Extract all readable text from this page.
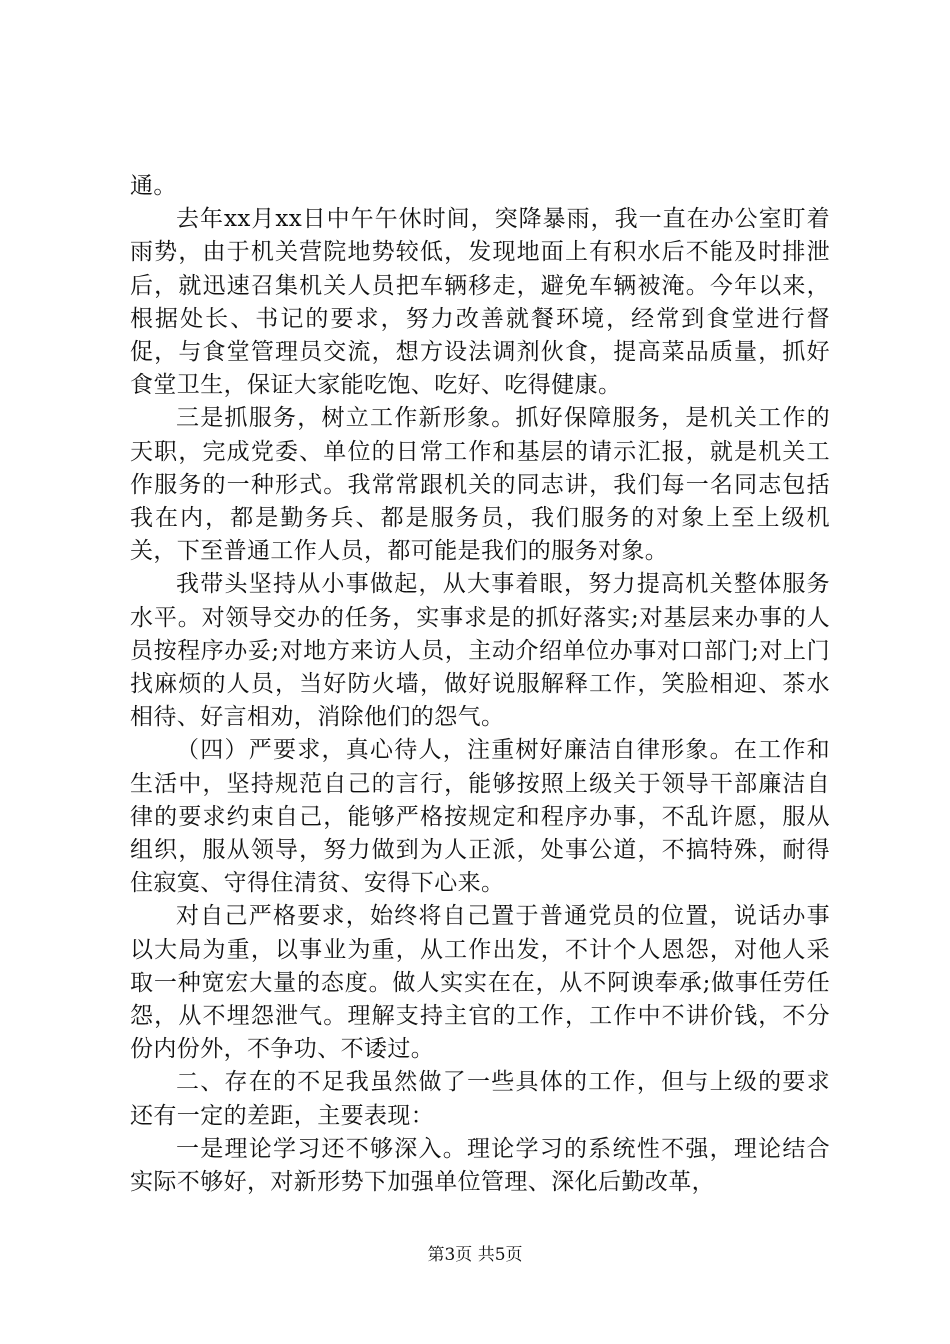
通。

去年xx月xx日中午午休时间，突降暴雨，我一直在办公室盯着雨势，由于机关营院地势较低，发现地面上有积水后不能及时排泄后，就迅速召集机关人员把车辆移走，避免车辆被淹。今年以来，根据处长、书记的要求，努力改善就餐环境，经常到食堂进行督促，与食堂管理员交流，想方设法调剂伙食，提高菜品质量，抓好食堂卫生，保证大家能吃饱、吃好、吃得健康。

三是抓服务，树立工作新形象。抓好保障服务，是机关工作的天职，完成党委、单位的日常工作和基层的请示汇报，就是机关工作服务的一种形式。我常常跟机关的同志讲，我们每一名同志包括我在内，都是勤务兵、都是服务员，我们服务的对象上至上级机关，下至普通工作人员，都可能是我们的服务对象。

我带头坚持从小事做起，从大事着眼，努力提高机关整体服务水平。对领导交办的任务，实事求是的抓好落实;对基层来办事的人员按程序办妥;对地方来访人员，主动介绍单位办事对口部门;对上门找麻烦的人员，当好防火墙，做好说服解释工作，笑脸相迎、茶水相待、好言相劝，消除他们的怨气。

（四）严要求，真心待人，注重树好廉洁自律形象。在工作和生活中，坚持规范自己的言行，能够按照上级关于领导干部廉洁自律的要求约束自己，能够严格按规定和程序办事，不乱许愿，服从组织，服从领导，努力做到为人正派，处事公道，不搞特殊，耐得住寂寞、守得住清贫、安得下心来。

对自己严格要求，始终将自己置于普通党员的位置，说话办事以大局为重，以事业为重，从工作出发，不计个人恩怨，对他人采取一种宽宏大量的态度。做人实实在在，从不阿谀奉承;做事任劳任怨，从不埋怨泄气。理解支持主官的工作，工作中不讲价钱，不分份内份外，不争功、不诿过。

二、存在的不足我虽然做了一些具体的工作，但与上级的要求还有一定的差距，主要表现：

一是理论学习还不够深入。理论学习的系统性不强，理论结合实际不够好，对新形势下加强单位管理、深化后勤改革，

第3页 共5页
